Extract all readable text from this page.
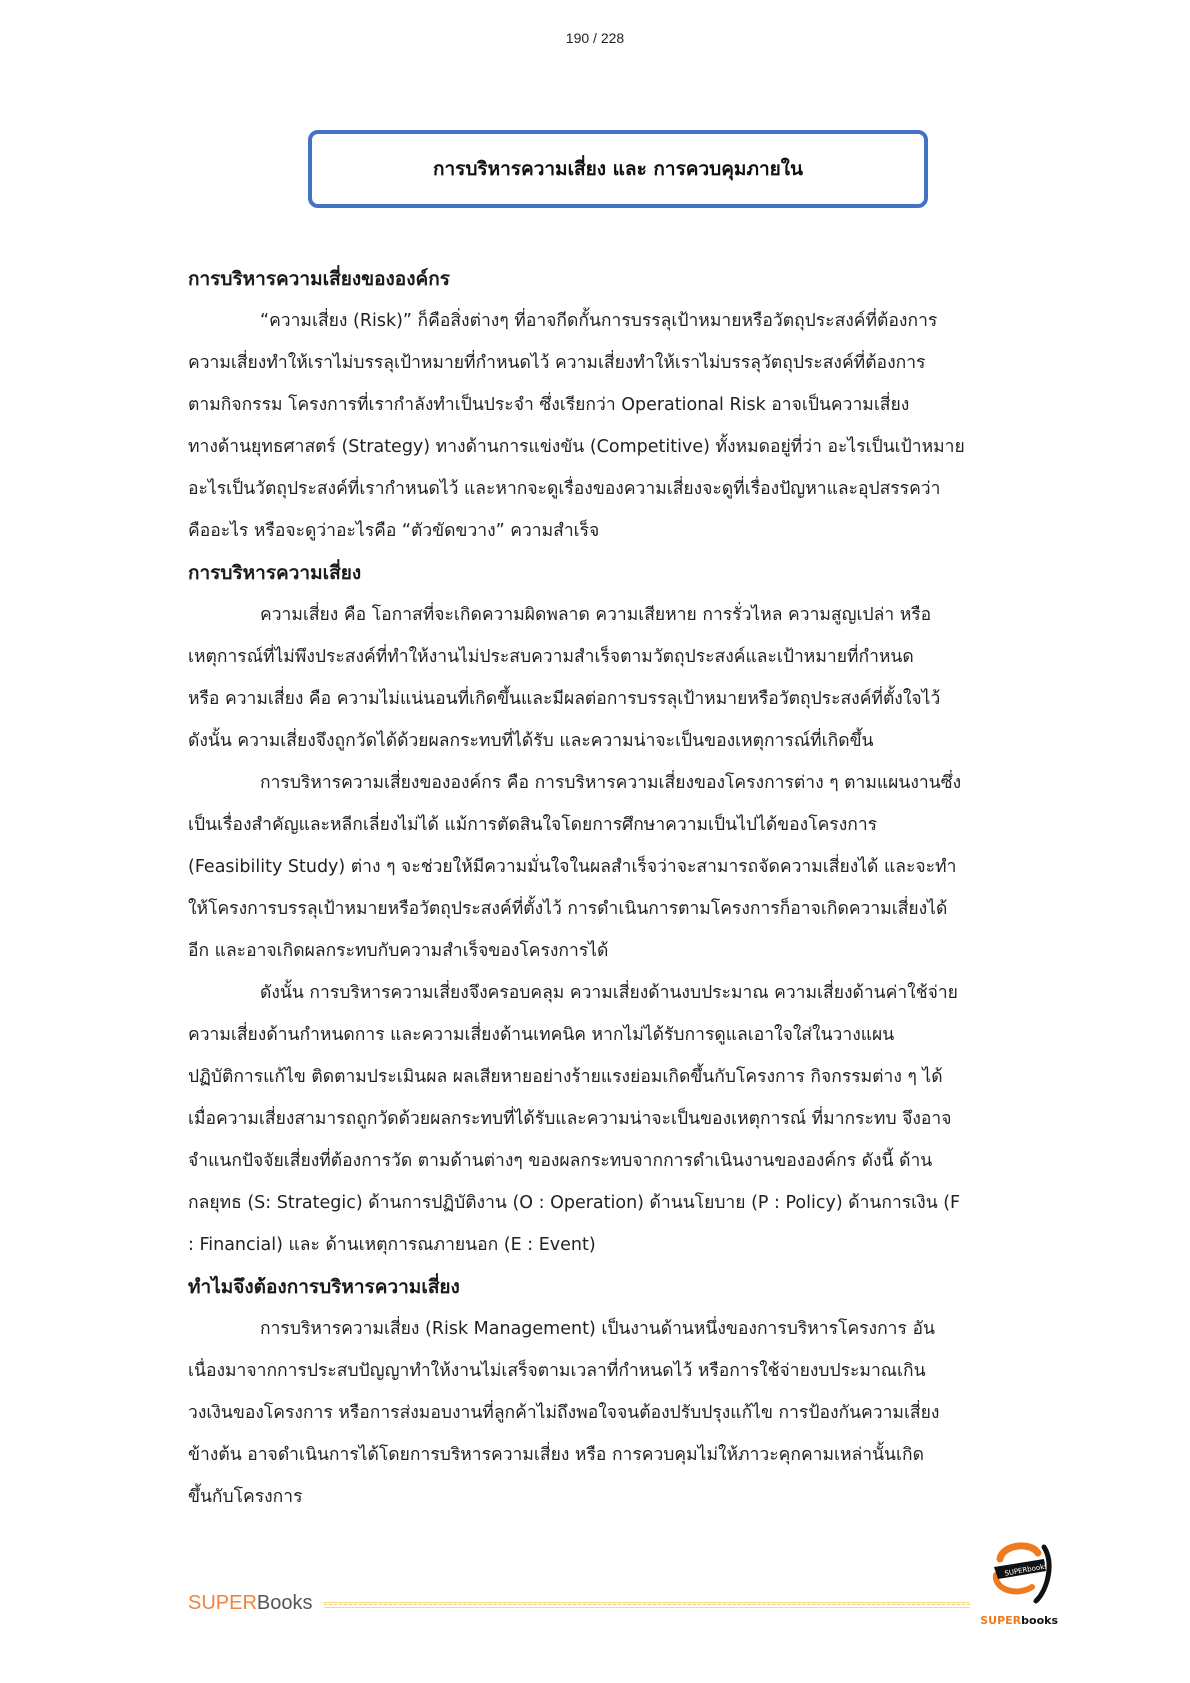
190 / 228
การบริหารความเสี่ยง และ การควบคุมภายใน
การบริหารความเสี่ยงขององค์กร
“ความเสี่ยง (Risk)” ก็คือสิ่งต่างๆ ที่อาจกีดกั้นการบรรลุเป้าหมายหรือวัตถุประสงค์ที่ต้องการ
ความเสี่ยงทำให้เราไม่บรรลุเป้าหมายที่กำหนดไว้ ความเสี่ยงทำให้เราไม่บรรลุวัตถุประสงค์ที่ต้องการ
ตามกิจกรรม โครงการที่เรากำลังทำเป็นประจำ ซึ่งเรียกว่า Operational Risk อาจเป็นความเสี่ยง
ทางด้านยุทธศาสตร์ (Strategy) ทางด้านการแข่งขัน (Competitive) ทั้งหมดอยู่ที่ว่า อะไรเป็นเป้าหมาย
อะไรเป็นวัตถุประสงค์ที่เรากำหนดไว้ และหากจะดูเรื่องของความเสี่ยงจะดูที่เรื่องปัญหาและอุปสรรคว่า
คืออะไร หรือจะดูว่าอะไรคือ “ตัวขัดขวาง” ความสำเร็จ
การบริหารความเสี่ยง
ความเสี่ยง คือ โอกาสที่จะเกิดความผิดพลาด ความเสียหาย การรั่วไหล ความสูญเปล่า หรือ
เหตุการณ์ที่ไม่พึงประสงค์ที่ทำให้งานไม่ประสบความสำเร็จตามวัตถุประสงค์และเป้าหมายที่กำหนด
หรือ ความเสี่ยง คือ ความไม่แน่นอนที่เกิดขึ้นและมีผลต่อการบรรลุเป้าหมายหรือวัตถุประสงค์ที่ตั้งใจไว้
ดังนั้น ความเสี่ยงจึงถูกวัดได้ด้วยผลกระทบที่ได้รับ และความน่าจะเป็นของเหตุการณ์ที่เกิดขึ้น
การบริหารความเสี่ยงขององค์กร คือ การบริหารความเสี่ยงของโครงการต่าง ๆ ตามแผนงานซึ่ง
เป็นเรื่องสำคัญและหลีกเลี่ยงไม่ได้ แม้การตัดสินใจโดยการศึกษาความเป็นไปได้ของโครงการ
(Feasibility Study) ต่าง ๆ จะช่วยให้มีความมั่นใจในผลสำเร็จว่าจะสามารถจัดความเสี่ยงได้ และจะทำ
ให้โครงการบรรลุเป้าหมายหรือวัตถุประสงค์ที่ตั้งไว้ การดำเนินการตามโครงการก็อาจเกิดความเสี่ยงได้
อีก และอาจเกิดผลกระทบกับความสำเร็จของโครงการได้
ดังนั้น การบริหารความเสี่ยงจึงครอบคลุม ความเสี่ยงด้านงบประมาณ ความเสี่ยงด้านค่าใช้จ่าย
ความเสี่ยงด้านกำหนดการ และความเสี่ยงด้านเทคนิค หากไม่ได้รับการดูแลเอาใจใส่ในวางแผน
ปฏิบัติการแก้ไข ติดตามประเมินผล ผลเสียหายอย่างร้ายแรงย่อมเกิดขึ้นกับโครงการ กิจกรรมต่าง ๆ ได้
เมื่อความเสี่ยงสามารถถูกวัดด้วยผลกระทบที่ได้รับและความน่าจะเป็นของเหตุการณ์ ที่มากระทบ จึงอาจ
จำแนกปัจจัยเสี่ยงที่ต้องการวัด ตามด้านต่างๆ ของผลกระทบจากการดำเนินงานขององค์กร ดังนี้ ด้าน
กลยุทธ (S: Strategic) ด้านการปฏิบัติงาน (O : Operation) ด้านนโยบาย (P : Policy) ด้านการเงิน (F
: Financial) และ ด้านเหตุการณภายนอก (E : Event)
ทำไมจึงต้องการบริหารความเสี่ยง
การบริหารความเสี่ยง (Risk Management) เป็นงานด้านหนึ่งของการบริหารโครงการ อัน
เนื่องมาจากการประสบปัญญาทำให้งานไม่เสร็จตามเวลาที่กำหนดไว้ หรือการใช้จ่ายงบประมาณเกิน
วงเงินของโครงการ หรือการส่งมอบงานที่ลูกค้าไม่ถึงพอใจจนต้องปรับปรุงแก้ไข การป้องกันความเสี่ยง
ข้างต้น อาจดำเนินการได้โดยการบริหารความเสี่ยง หรือ การควบคุมไม่ให้ภาวะคุกคามเหล่านั้นเกิด
ขึ้นกับโครงการ
SUPERBooks
SUPERbooks
SUPERbooks
